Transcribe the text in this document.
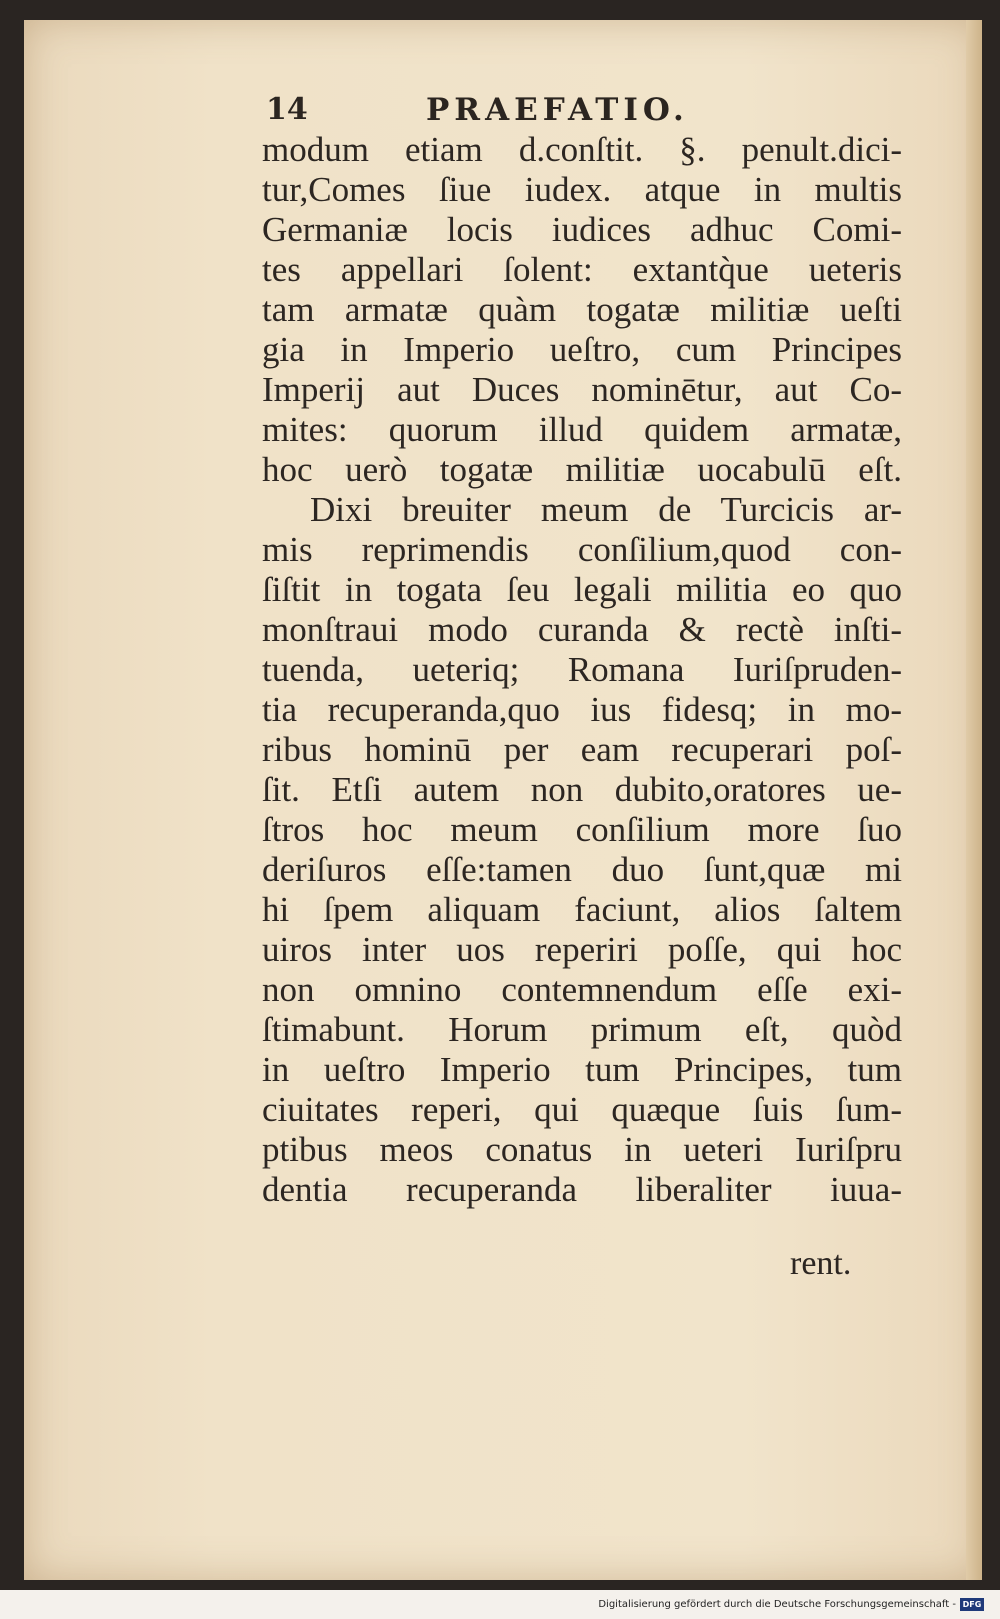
14	PRAEFATIO.
modum etiam d.conſtit. §. penult.dici-
tur,Comes ſiue iudex. atque in multis
Germaniæ locis iudices adhuc Comi-
tes appellari ſolent: extantq̀ue ueteris
tam armatæ quàm togatæ militiæ ueſti
gia in Imperio ueſtro, cum Principes
Imperij aut Duces nominētur, aut Co-
mites: quorum illud quidem armatæ,
hoc uerò togatæ militiæ uocabulū eſt.
Dixi breuiter meum de Turcicis ar-
mis reprimendis conſilium,quod con-
ſiſtit in togata ſeu legali militia eo quo
monſtraui modo curanda & rectè inſti-
tuenda, ueteriq; Romana Iuriſpruden-
tia recuperanda,quo ius fidesq; in mo-
ribus hominū per eam recuperari poſ-
ſit. Etſi autem non dubito,oratores ue-
ſtros hoc meum conſilium more ſuo
deriſuros eſſe:tamen duo ſunt,quæ mi
hi ſpem aliquam faciunt, alios ſaltem
uiros inter uos reperiri poſſe, qui hoc
non omnino contemnendum eſſe exi-
ſtimabunt. Horum primum eſt, quòd
in ueſtro Imperio tum Principes, tum
ciuitates reperi, qui quæque ſuis ſum-
ptibus meos conatus in ueteri Iuriſpru
dentia recuperanda liberaliter iuua-
rent.
Digitalisierung gefördert durch die Deutsche Forschungsgemeinschaft - DFG
